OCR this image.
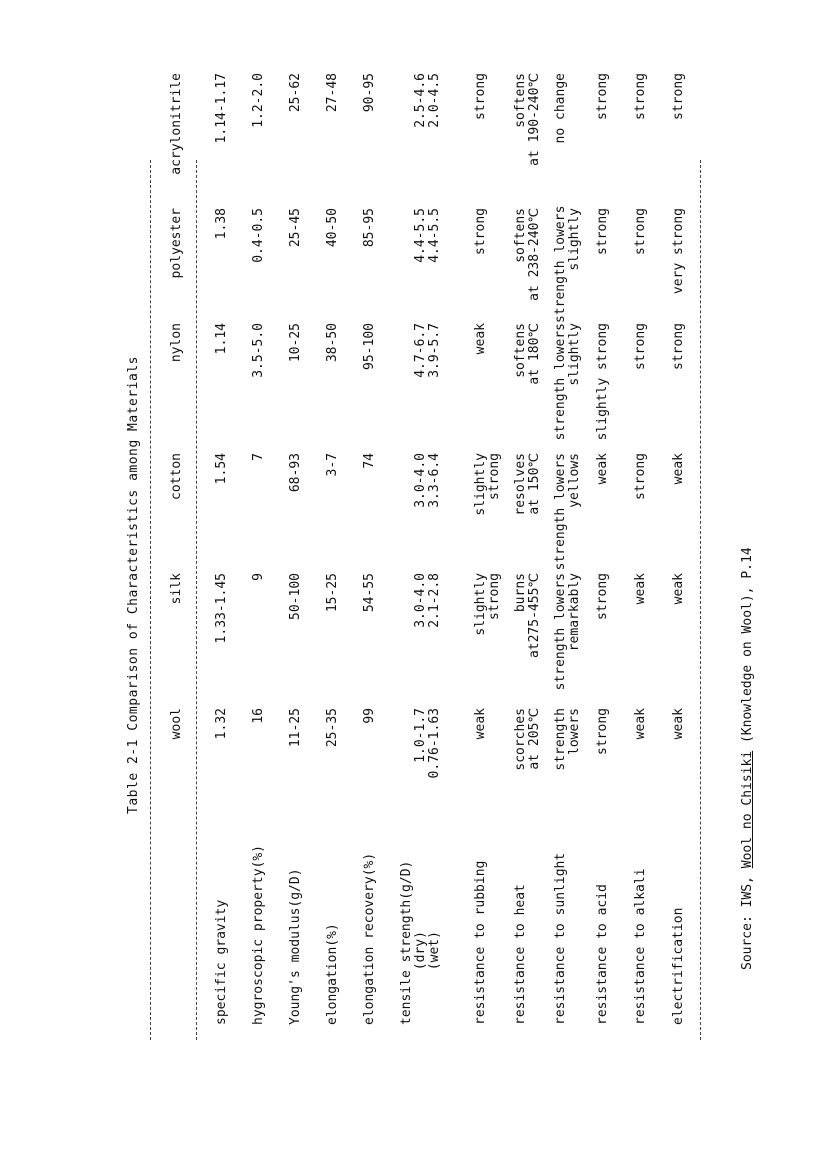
Table 2-1 Comparison of Characteristics among Materials wool
silk
cotton
nylon
polyester
acrylonitrile
specific gravity
1.32
1.33-1.45
1.54
1.14
1.38
1.14-1.17
hygroscopic property(%)
16
9
7
3.5-5.0
0.4-0.5
1.2-2.0
Young's modulus(g/D)
11-25
50-100
68-93
10-25
25-45
25-62
elongation(%)
25-35
15-25
3-7
38-50
40-50
27-48
elongation recovery(%)
99
54-55
74
95-100
85-95
90-95
tensile strength(g/D)
(dry)
(wet)

1.0-1.7
0.76-1.63

3.0-4.0
2.1-2.8

3.0-4.0
3.3-6.4

4.7-6.7
3.9-5.7

4.4-5.5
4.4-5.5

2.5-4.6
2.0-4.5
resistance to rubbing
weak
slightly
strong
slightly
strong
weak
strong
strong
resistance to heat
scorches
at 205℃
burns
at275-455℃
resolves
at 150℃
softens
at 180℃
softens
at 238-240℃
softens
at 190-240℃
resistance to sunlight
strength
lowers
strength lowers
remarkably
strength lowers
yellows
strength lowers
slightly
strength lowers
slightly
no change
resistance to acid
strong
strong
weak
slightly strong
strong
strong
resistance to alkali
weak
weak
strong
strong
strong
strong
electrification
weak
weak
weak
strong
very strong
strong
Source: IWS, Wool no Chisiki (Knowledge on Wool), P.14
